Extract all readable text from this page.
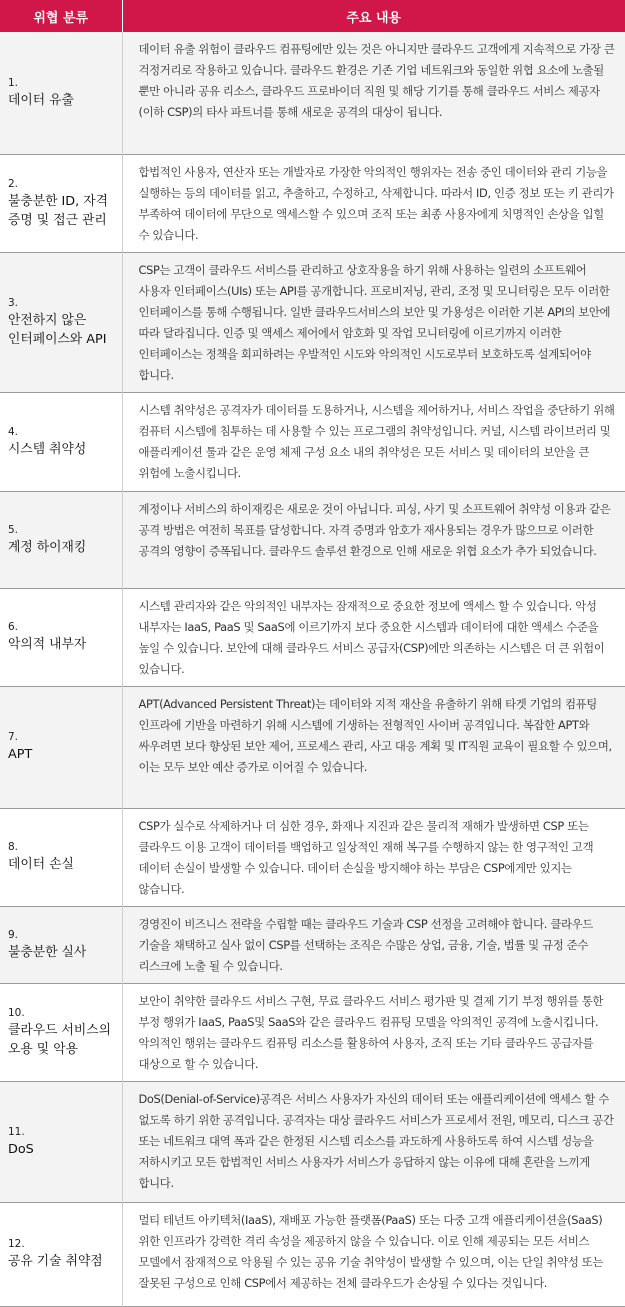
위협 분류	주요 내용

1.
데이터 유출	데이터 유출 위험이 클라우드 컴퓨팅에만 있는 것은 아니지만 클라우드 고객에게 지속적으로 가장 큰 걱정거리로 작용하고 있습니다. 클라우드 환경은 기존 기업 네트워크와 동일한 위협 요소에 노출될 뿐만 아니라 공유 리소스, 클라우드 프로바이더 직원 및 해당 기기를 통해 클라우드 서비스 제공자(이하 CSP)의 타사 파트너를 통해 새로운 공격의 대상이 됩니다.

2.
불충분한 ID, 자격 증명 및 접근 관리	합법적인 사용자, 연산자 또는 개발자로 가장한 악의적인 행위자는 전송 중인 데이터와 관리 기능을 실행하는 등의 데이터를 읽고, 추출하고, 수정하고, 삭제합니다. 따라서 ID, 인증 정보 또는 키 관리가 부족하여 데이터에 무단으로 액세스할 수 있으며 조직 또는 최종 사용자에게 치명적인 손상을 입힐 수 있습니다.

3.
안전하지 않은 인터페이스와 API	CSP는 고객이 클라우드 서비스를 관리하고 상호작용을 하기 위해 사용하는 일련의 소프트웨어 사용자 인터페이스(UIs) 또는 API를 공개합니다. 프로비저닝, 관리, 조정 및 모니터링은 모두 이러한 인터페이스를 통해 수행됩니다. 일반 클라우드서비스의 보안 및 가용성은 이러한 기본 API의 보안에 따라 달라집니다. 인증 및 액세스 제어에서 암호화 및 작업 모니터링에 이르기까지 이러한 인터페이스는 정책을 회피하려는 우발적인 시도와 악의적인 시도로부터 보호하도록 설계되어야 합니다.

4.
시스템 취약성	시스템 취약성은 공격자가 데이터를 도용하거나, 시스템을 제어하거나, 서비스 작업을 중단하기 위해 컴퓨터 시스템에 침투하는 데 사용할 수 있는 프로그램의 취약성입니다. 커널, 시스템 라이브러리 및 애플리케이션 툴과 같은 운영 체제 구성 요소 내의 취약성은 모든 서비스 및 데이터의 보안을 큰 위험에 노출시킵니다.

5.
계정 하이재킹	계정이나 서비스의 하이재킹은 새로운 것이 아닙니다. 피싱, 사기 및 소프트웨어 취약성 이용과 같은 공격 방법은 여전히 목표를 달성합니다. 자격 증명과 암호가 재사용되는 경우가 많으므로 이러한 공격의 영향이 증폭됩니다. 클라우드 솔루션 환경으로 인해 새로운 위협 요소가 추가 되었습니다.

6.
악의적 내부자	시스템 관리자와 같은 악의적인 내부자는 잠재적으로 중요한 정보에 액세스 할 수 있습니다. 악성 내부자는 IaaS, PaaS 및 SaaS에 이르기까지 보다 중요한 시스템과 데이터에 대한 액세스 수준을 높일 수 있습니다. 보안에 대해 클라우드 서비스 공급자(CSP)에만 의존하는 시스템은 더 큰 위험이 있습니다.

7.
APT	APT(Advanced Persistent Threat)는 데이터와 지적 재산을 유출하기 위해 타겟 기업의 컴퓨팅 인프라에 기반을 마련하기 위해 시스템에 기생하는 전형적인 사이버 공격입니다. 복잡한 APT와 싸우려면 보다 향상된 보안 제어, 프로세스 관리, 사고 대응 계획 및 IT직원 교육이 필요할 수 있으며, 이는 모두 보안 예산 증가로 이어질 수 있습니다.

8.
데이터 손실	CSP가 실수로 삭제하거나 더 심한 경우, 화재나 지진과 같은 물리적 재해가 발생하면 CSP 또는 클라우드 이용 고객이 데이터를 백업하고 일상적인 재해 복구를 수행하지 않는 한 영구적인 고객 데이터 손실이 발생할 수 있습니다. 데이터 손실을 방지해야 하는 부담은 CSP에게만 있지는 않습니다.

9.
불충분한 실사	경영진이 비즈니스 전략을 수립할 때는 클라우드 기술과 CSP 선정을 고려해야 합니다. 클라우드 기술을 채택하고 실사 없이 CSP를 선택하는 조직은 수많은 상업, 금융, 기술, 법률 및 규정 준수 리스크에 노출 될 수 있습니다.

10.
클라우드 서비스의 오용 및 악용	보안이 취약한 클라우드 서비스 구현, 무료 클라우드 서비스 평가판 및 결제 기기 부정 행위를 통한 부정 행위가 IaaS, PaaS및 SaaS와 같은 클라우드 컴퓨팅 모델을 악의적인 공격에 노출시킵니다. 악의적인 행위는 클라우드 컴퓨팅 리소스를 활용하여 사용자, 조직 또는 기타 클라우드 공급자를 대상으로 할 수 있습니다.

11.
DoS	DoS(Denial-of-Service)공격은 서비스 사용자가 자신의 데이터 또는 애플리케이션에 액세스 할 수 없도록 하기 위한 공격입니다. 공격자는 대상 클라우드 서비스가 프로세서 전원, 메모리, 디스크 공간 또는 네트워크 대역 폭과 같은 한정된 시스템 리소스를 과도하게 사용하도록 하여 시스템 성능을 저하시키고 모든 합법적인 서비스 사용자가 서비스가 응답하지 않는 이유에 대해 혼란을 느끼게 합니다.

12.
공유 기술 취약점	멀티 테넌트 아키텍처(IaaS), 재배포 가능한 플랫폼(PaaS) 또는 다중 고객 애플리케이션을(SaaS) 위한 인프라가 강력한 격리 속성을 제공하지 않을 수 있습니다. 이로 인해 제공되는 모든 서비스 모델에서 잠재적으로 악용될 수 있는 공유 기술 취약성이 발생할 수 있으며, 이는 단일 취약성 또는 잘못된 구성으로 인해 CSP에서 제공하는 전체 클라우드가 손상될 수 있다는 것입니다.
